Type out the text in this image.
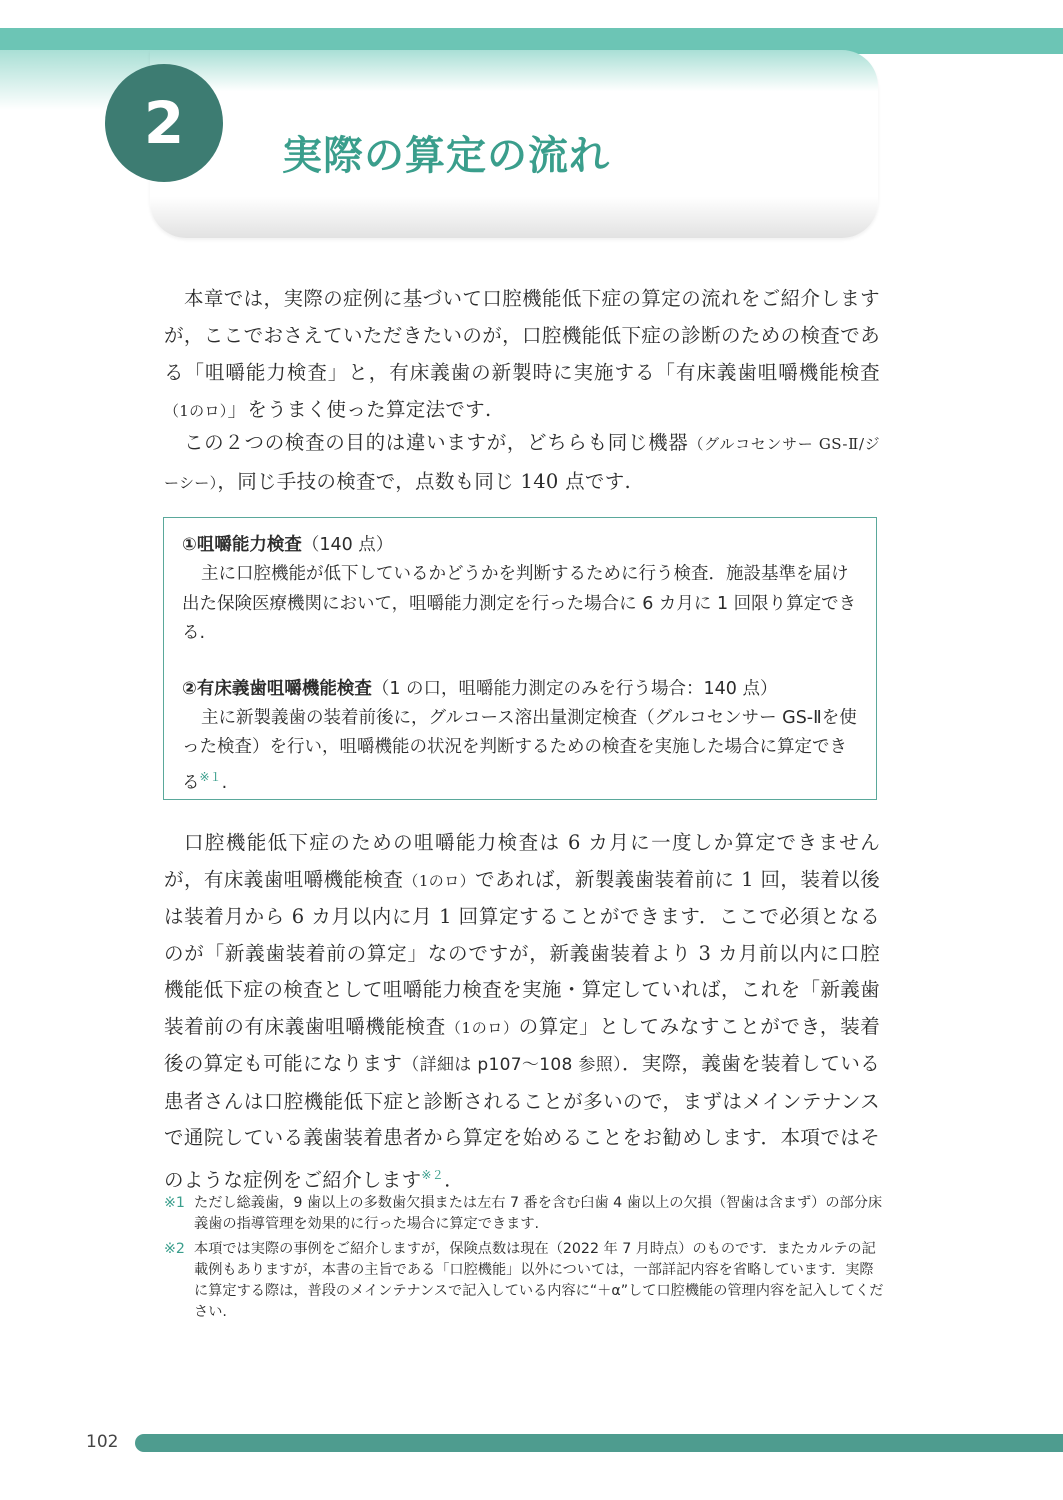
2 実際の算定の流れ

本章では，実際の症例に基づいて口腔機能低下症の算定の流れをご紹介しますが，ここでおさえていただきたいのが，口腔機能低下症の診断のための検査である「咀嚼能力検査」と，有床義歯の新製時に実施する「有床義歯咀嚼機能検査（1のロ）」をうまく使った算定法です.

この２つの検査の目的は違いますが，どちらも同じ機器（グルコセンサー GS-Ⅱ/ジーシー），同じ手技の検査で，点数も同じ 140 点です.

①咀嚼能力検査（140 点）

主に口腔機能が低下しているかどうかを判断するために行う検査．施設基準を届け出た保険医療機関において，咀嚼能力測定を行った場合に 6 カ月に 1 回限り算定できる.

②有床義歯咀嚼機能検査（1 の口，咀嚼能力測定のみを行う場合：140 点）

主に新製義歯の装着前後に，グルコース溶出量測定検査（グルコセンサー GS-Ⅱを使った検査）を行い，咀嚼機能の状況を判断するための検査を実施した場合に算定できる$^{※1}$.

口腔機能低下症のための咀嚼能力検査は 6 カ月に一度しか算定できませんが，有床義歯咀嚼機能検査（1のロ）であれば，新製義歯装着前に 1 回，装着以後は装着月から 6 カ月以内に月 1 回算定することができます．ここで必須となるのが「新義歯装着前の算定」なのですが，新義歯装着より 3 カ月前以内に口腔機能低下症の検査として咀嚼能力検査を実施・算定していれば，これを「新義歯装着前の有床義歯咀嚼機能検査（1のロ）の算定」としてみなすことができ，装着後の算定も可能になります（詳細は p107～108 参照）．実際，義歯を装着している患者さんは口腔機能低下症と診断されることが多いので，まずはメインテナンスで通院している義歯装着患者から算定を始めることをお勧めします．本項ではそのような症例をご紹介します$^{※2}$.

※1 ただし総義歯，9 歯以上の多数歯欠損または左右 7 番を含む臼歯 4 歯以上の欠損（智歯は含まず）の部分床義歯の指導管理を効果的に行った場合に算定できます.
※2 本項では実際の事例をご紹介しますが，保険点数は現在（2022 年 7 月時点）のものです．またカルテの記載例もありますが，本書の主旨である「口腔機能」以外については，一部詳記内容を省略しています．実際に算定する際は，普段のメインテナンスで記入している内容に“＋α”して口腔機能の管理内容を記入してください.
102
